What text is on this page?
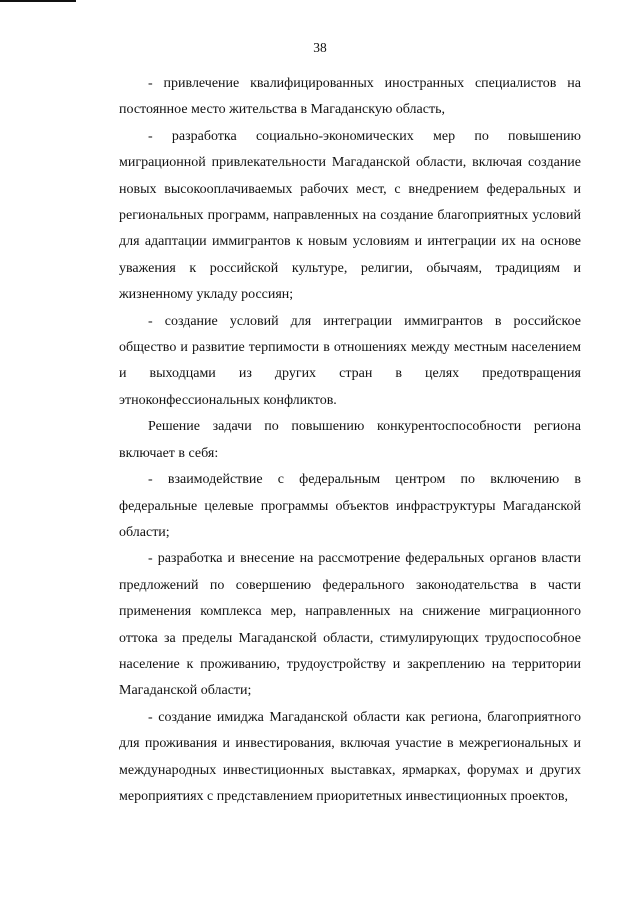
38

- привлечение квалифицированных иностранных специалистов на постоянное место жительства в Магаданскую область,

- разработка социально-экономических мер по повышению миграционной привлекательности Магаданской области, включая создание новых высокооплачиваемых рабочих мест, с внедрением федеральных и региональных программ, направленных на создание благоприятных условий для адаптации иммигрантов к новым условиям и интеграции их на основе уважения к российской культуре, религии, обычаям, традициям и жизненному укладу россиян;

- создание условий для интеграции иммигрантов в российское общество и развитие терпимости в отношениях между местным населением и выходцами из других стран в целях предотвращения этноконфессиональных конфликтов.

Решение задачи по повышению конкурентоспособности региона включает в себя:

- взаимодействие с федеральным центром по включению в федеральные целевые программы объектов инфраструктуры Магаданской области;

- разработка и внесение на рассмотрение федеральных органов власти предложений по совершению федерального законодательства в части применения комплекса мер, направленных на снижение миграционного оттока за пределы Магаданской области, стимулирующих трудоспособное население к проживанию, трудоустройству и закреплению на территории Магаданской области;

- создание имиджа Магаданской области как региона, благоприятного для проживания и инвестирования, включая участие в межрегиональных и международных инвестиционных выставках, ярмарках, форумах и других мероприятиях с представлением приоритетных инвестиционных проектов,
